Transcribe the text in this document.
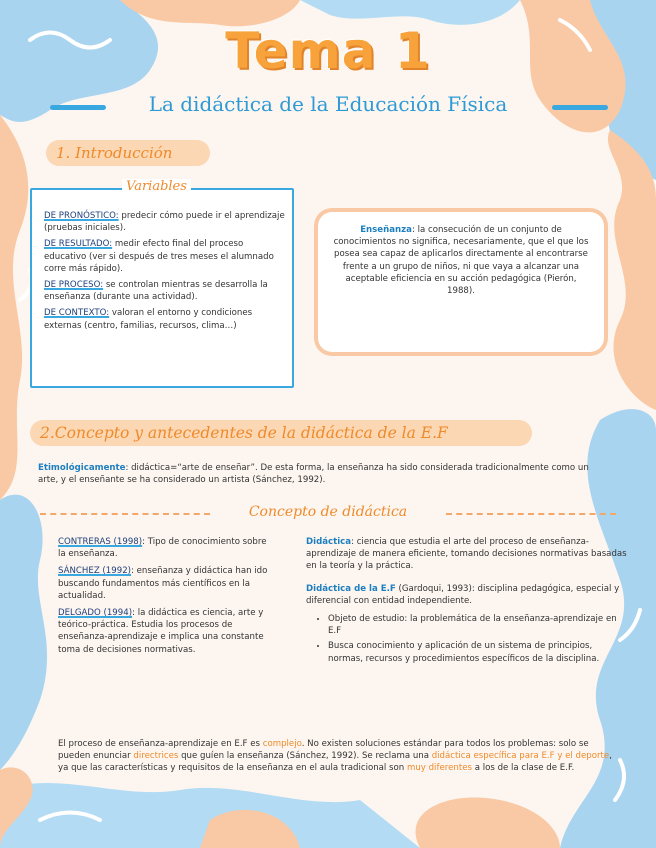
Tema 1
La didáctica de la Educación Física
1. Introducción
Variables

DE PRONÓSTICO: predecir cómo puede ir el aprendizaje (pruebas iniciales).

DE RESULTADO: medir efecto final del proceso educativo (ver si después de tres meses el alumnado corre más rápido).

DE PROCESO: se controlan mientras se desarrolla la enseñanza (durante una actividad).

DE CONTEXTO: valoran el entorno y condiciones externas (centro, familias, recursos, clima…)

Enseñanza: la consecución de un conjunto de conocimientos no significa, necesariamente, que el que los posea sea capaz de aplicarlos directamente al encontrarse frente a un grupo de niños, ni que vaya a alcanzar una aceptable eficiencia en su acción pedagógica (Pierón, 1988).
2.Concepto y antecedentes de la didáctica de la E.F
Etimológicamente: didáctica=“arte de enseñar”. De esta forma, la enseñanza ha sido considerada tradicionalmente como un arte, y el enseñante se ha considerado un artista (Sánchez, 1992).
Concepto de didáctica

CONTRERAS (1998): Tipo de conocimiento sobre la enseñanza.

SÁNCHEZ (1992): enseñanza y didáctica han ido buscando fundamentos más científicos en la actualidad.

DELGADO (1994): la didáctica es ciencia, arte y teórico-práctica. Estudia los procesos de enseñanza-aprendizaje e implica una constante toma de decisiones normativas.

Didáctica: ciencia que estudia el arte del proceso de enseñanza-aprendizaje de manera eficiente, tomando decisiones normativas basadas en la teoría y la práctica.

Didáctica de la E.F (Gardoqui, 1993): disciplina pedagógica, especial y diferencial con entidad independiente.

• Objeto de estudio: la problemática de la enseñanza-aprendizaje en E.F
• Busca conocimiento y aplicación de un sistema de principios, normas, recursos y procedimientos específicos de la disciplina.
El proceso de enseñanza-aprendizaje en E.F es complejo. No existen soluciones estándar para todos los problemas: solo se pueden enunciar directrices que guíen la enseñanza (Sánchez, 1992). Se reclama una didáctica específica para E.F y el deporte, ya que las características y requisitos de la enseñanza en el aula tradicional son muy diferentes a los de la clase de E.F.
